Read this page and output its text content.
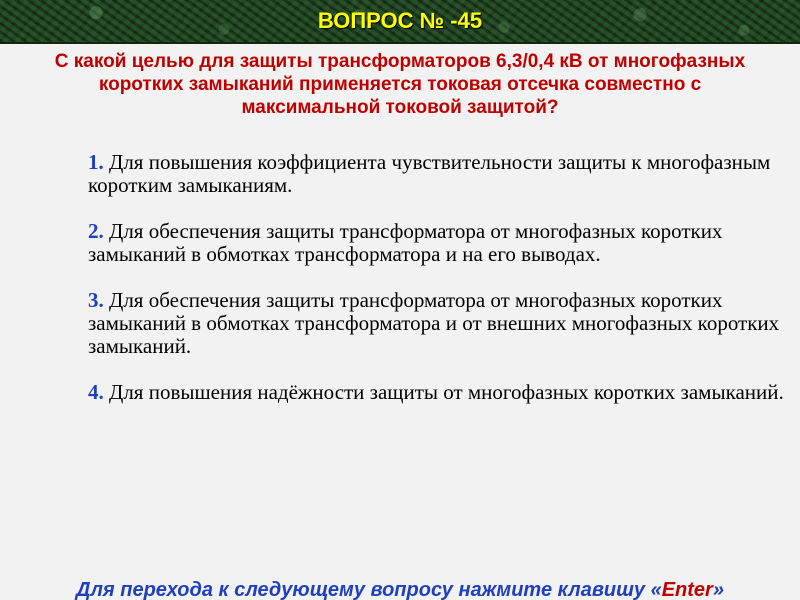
ВОПРОС № -45
С какой целью для защиты трансформаторов 6,3/0,4 кВ от многофазных коротких замыканий применяется токовая отсечка совместно с максимальной токовой защитой?
1. Для повышения коэффициента чувствительности защиты к многофазным коротким замыканиям.
2. Для обеспечения защиты трансформатора от многофазных коротких замыканий в обмотках трансформатора и на его выводах.
3. Для обеспечения защиты трансформатора от многофазных коротких замыканий в обмотках трансформатора и от внешних многофазных коротких замыканий.
4. Для повышения надёжности защиты от многофазных коротких замыканий.
Для перехода к следующему вопросу нажмите клавишу «Enter»
